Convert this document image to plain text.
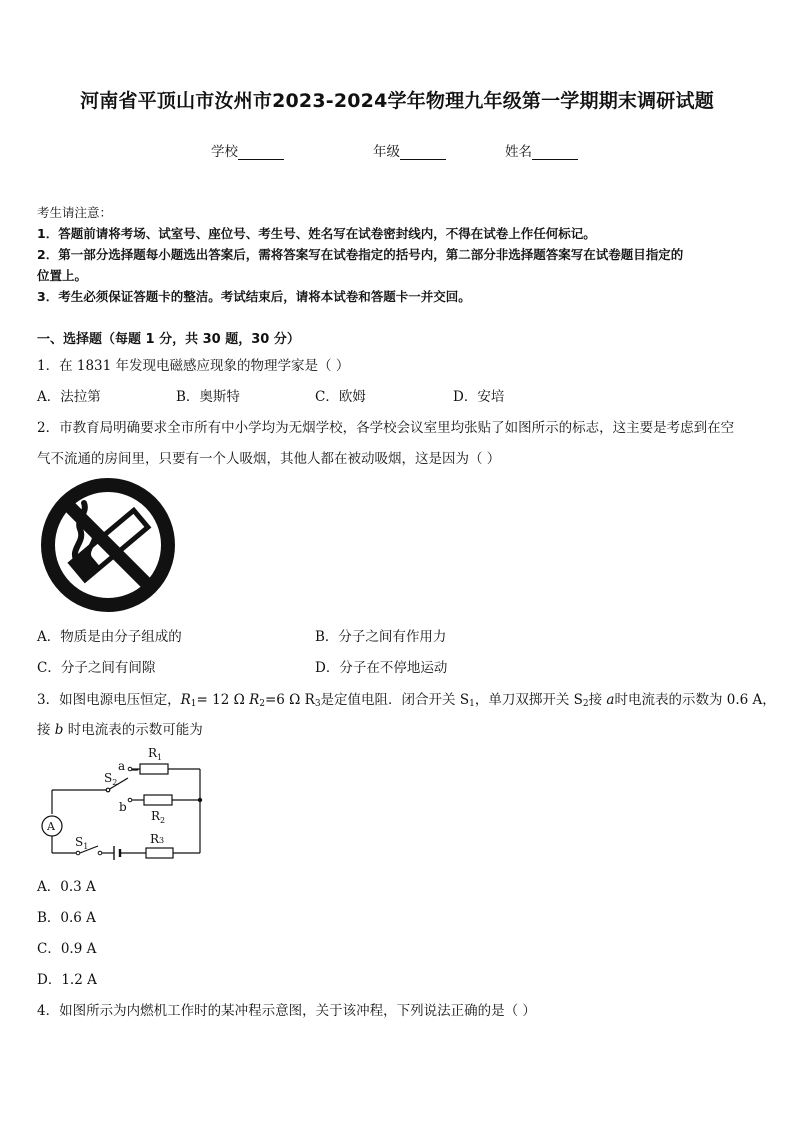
河南省平顶山市汝州市2023-2024学年物理九年级第一学期期末调研试题
学校	年级	姓名
考生请注意：
1．答题前请将考场、试室号、座位号、考生号、姓名写在试卷密封线内，不得在试卷上作任何标记。
2．第一部分选择题每小题选出答案后，需将答案写在试卷指定的括号内，第二部分非选择题答案写在试卷题目指定的
位置上。
3．考生必须保证答题卡的整洁。考试结束后，请将本试卷和答题卡一并交回。
一、选择题（每题 1 分，共 30 题，30 分）
1．在 1831 年发现电磁感应现象的物理学家是（ ）
A．法拉第	B．奥斯特	C．欧姆	D．安培
2．市教育局明确要求全市所有中小学均为无烟学校，各学校会议室里均张贴了如图所示的标志，这主要是考虑到在空
气不流通的房间里，只要有一个人吸烟，其他人都在被动吸烟，这是因为（ ）
A．物质是由分子组成的	B．分子之间有作用力
C．分子之间有间隙	D．分子在不停地运动
3．如图电源电压恒定，$R_1= 12$ Ω $R_2=6$ Ω $R_3$是定值电阻．闭合开关 $S_1$，单刀双掷开关 $S_2$接 a时电流表的示数为 0.6 A，
接 b 时电流表的示数可能为
$R_1$
a
$S_2$
b
$R_2$
A
$S_1$
R3
A．0.3 A
B．0.6 A
C．0.9 A
D．1.2 A
4．如图所示为内燃机工作时的某冲程示意图，关于该冲程，下列说法正确的是（ ）
